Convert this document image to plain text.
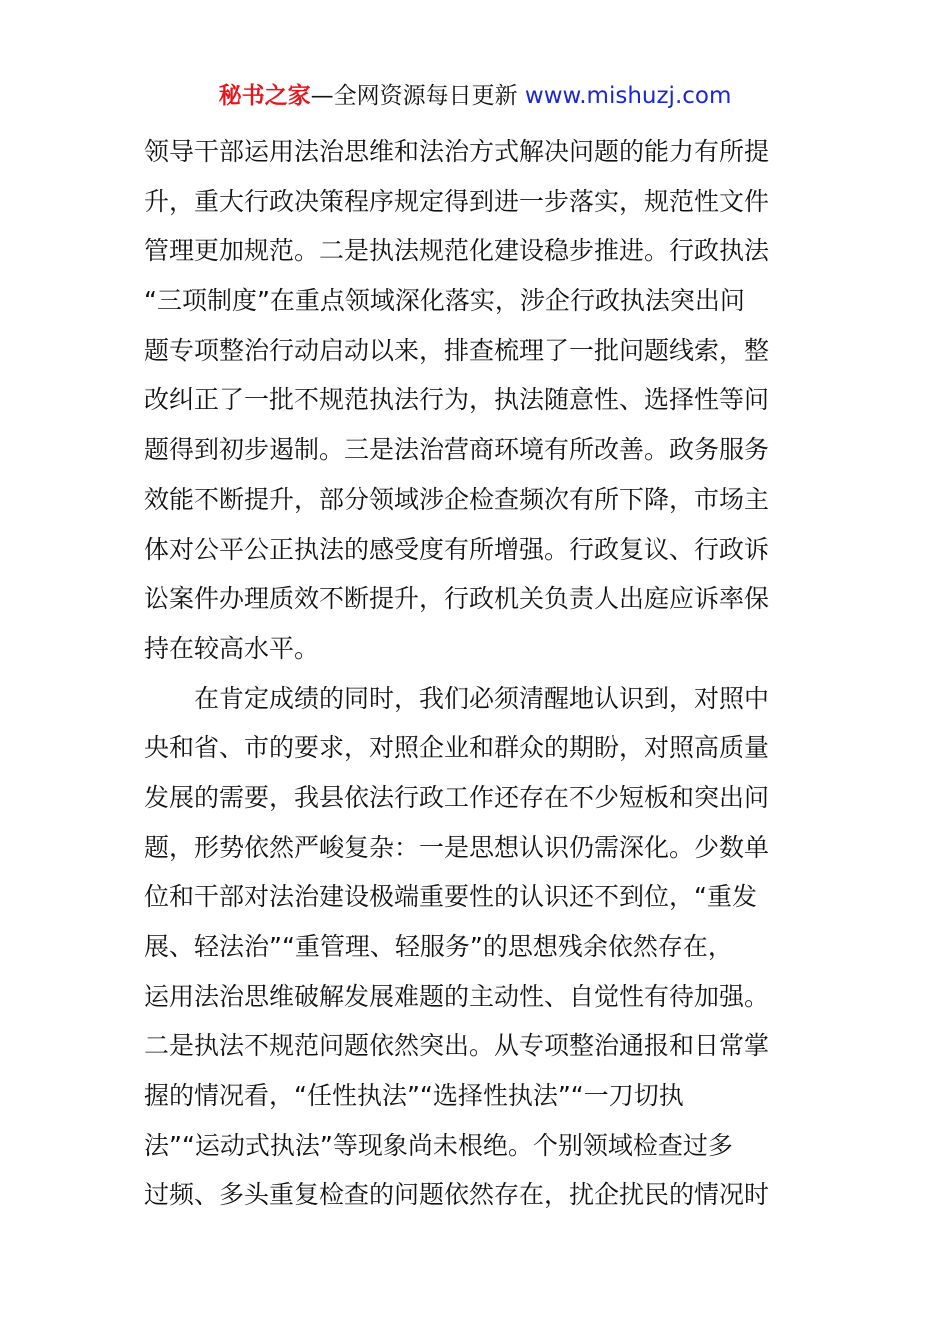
秘书之家—全网资源每日更新 www.mishuzj.com
领导干部运用法治思维和法治方式解决问题的能力有所提
升，重大行政决策程序规定得到进一步落实，规范性文件
管理更加规范。二是执法规范化建设稳步推进。行政执法
“三项制度”在重点领域深化落实，涉企行政执法突出问
题专项整治行动启动以来，排查梳理了一批问题线索，整
改纠正了一批不规范执法行为，执法随意性、选择性等问
题得到初步遏制。三是法治营商环境有所改善。政务服务
效能不断提升，部分领域涉企检查频次有所下降，市场主
体对公平公正执法的感受度有所增强。行政复议、行政诉
讼案件办理质效不断提升，行政机关负责人出庭应诉率保
持在较高水平。
在肯定成绩的同时，我们必须清醒地认识到，对照中
央和省、市的要求，对照企业和群众的期盼，对照高质量
发展的需要，我县依法行政工作还存在不少短板和突出问
题，形势依然严峻复杂：一是思想认识仍需深化。少数单
位和干部对法治建设极端重要性的认识还不到位，“重发
展、轻法治”“重管理、轻服务”的思想残余依然存在，
运用法治思维破解发展难题的主动性、自觉性有待加强。
二是执法不规范问题依然突出。从专项整治通报和日常掌
握的情况看，“任性执法”“选择性执法”“一刀切执
法”“运动式执法”等现象尚未根绝。个别领域检查过多
过频、多头重复检查的问题依然存在，扰企扰民的情况时
